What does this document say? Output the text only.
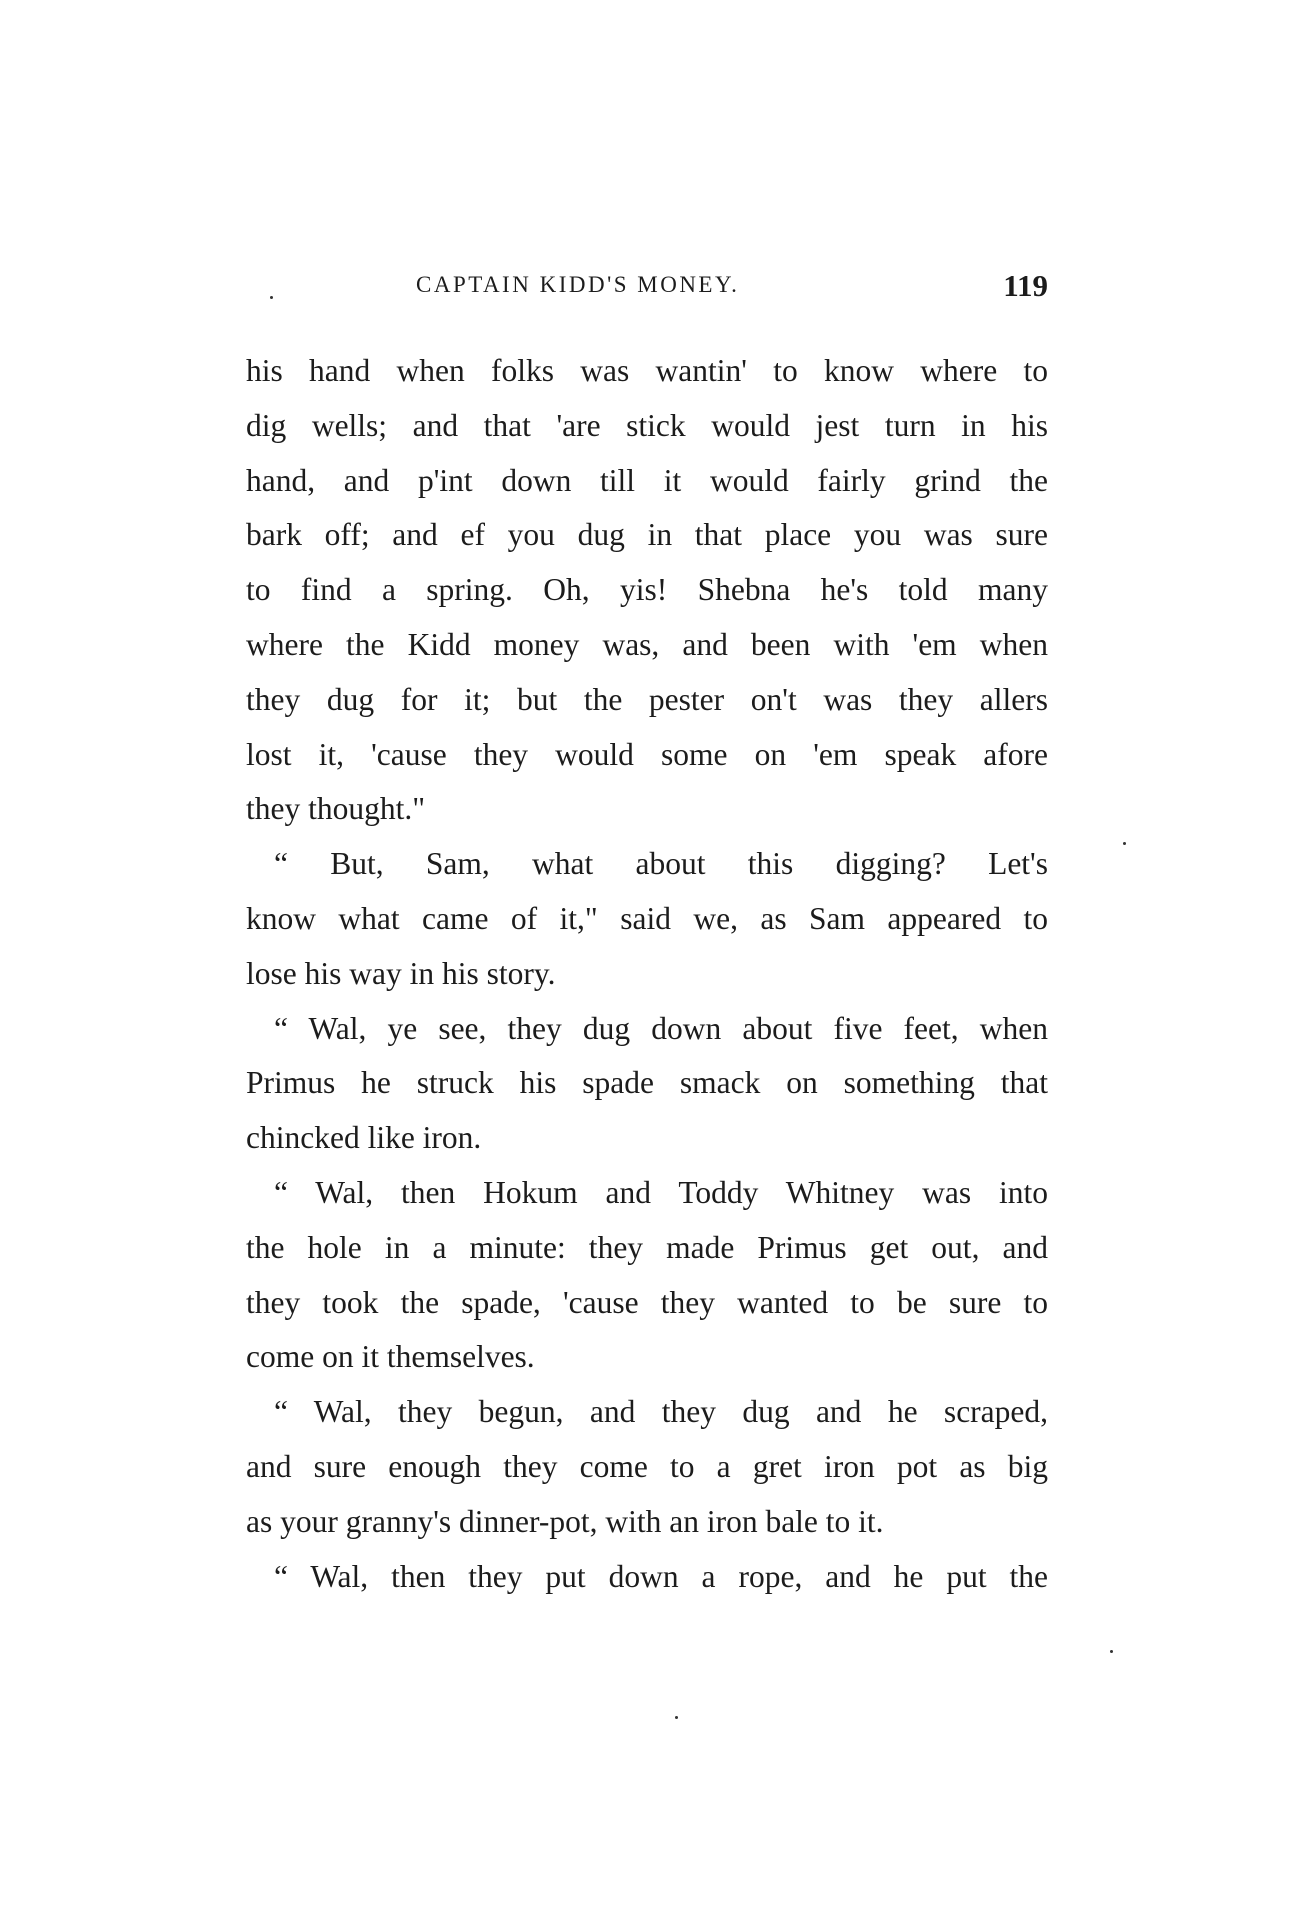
CAPTAIN KIDD'S MONEY.	119

his hand when folks was wantin' to know where to

dig wells; and that 'are stick would jest turn in his

hand, and p'int down till it would fairly grind the

bark off; and ef you dug in that place you was sure

to find a spring. Oh, yis! Shebna he's told many

where the Kidd money was, and been with 'em when

they dug for it; but the pester on't was they allers

lost it, 'cause they would some on 'em speak afore

they thought."

“ But, Sam, what about this digging? Let's

know what came of it," said we, as Sam appeared to

lose his way in his story.

“ Wal, ye see, they dug down about five feet, when

Primus he struck his spade smack on something that

chincked like iron.

“ Wal, then Hokum and Toddy Whitney was into

the hole in a minute: they made Primus get out, and

they took the spade, 'cause they wanted to be sure to

come on it themselves.

“ Wal, they begun, and they dug and he scraped,

and sure enough they come to a gret iron pot as big

as your granny's dinner-pot, with an iron bale to it.

“ Wal, then they put down a rope, and he put the
